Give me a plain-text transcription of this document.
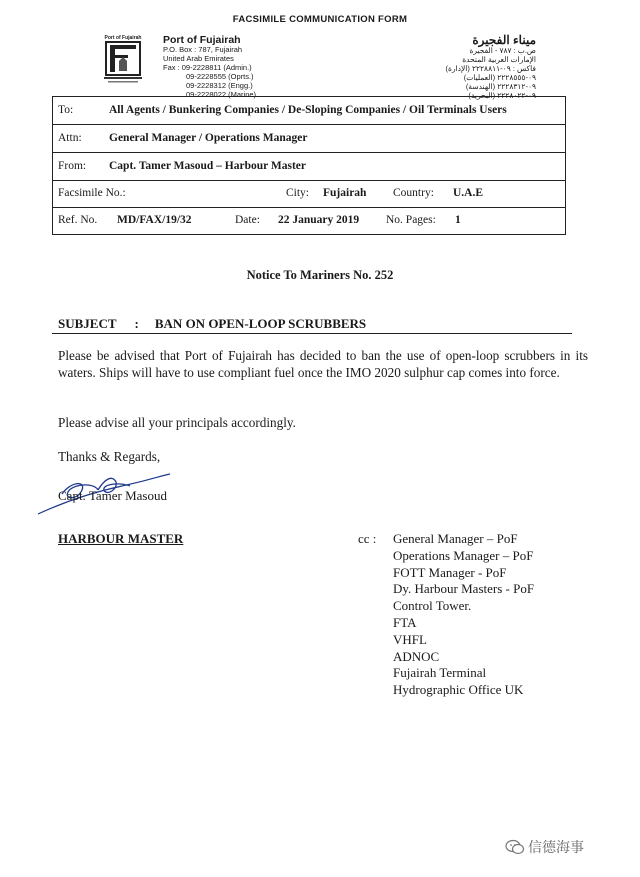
FACSIMILE COMMUNICATION FORM
Port of Fujairah Port of Fujairah
P.O. Box : 787, Fujairah
United Arab Emirates
Fax : 09-2228811 (Admin.)
09-2228555 (Oprts.)
09-2228312 (Engg.)
09-2228022 (Marine)
ميناء الفجيرة
ص.ب : ٧٨٧ - الفجيرة
الإمارات العربية المتحدة
فاكس : ٠٩-٢٢٢٨٨١١ (الإدارة)
٠٩-٢٢٢٨٥٥٥ (العمليات)
٠٩-٢٢٢٨٣١٢ (الهندسة)
٠٩-٢٢٢٨٠٢٢ (البحرية)
To:	All Agents / Bunkering Companies / De-Sloping Companies / Oil Terminals Users
Attn: General Manager / Operations Manager
From: Capt. Tamer Masoud – Harbour Master
Facsimile No.:	City: Fujairah Country: U.A.E
Ref. No. MD/FAX/19/32	Date: 22 January 2019 No. Pages: 1
Notice To Mariners No. 252
SUBJECT : BAN ON OPEN-LOOP SCRUBBERS
Please be advised that Port of Fujairah has decided to ban the use of open-loop scrubbers in its waters. Ships will have to use compliant fuel once the IMO 2020 sulphur cap comes into force.
Please advise all your principals accordingly.
Thanks & Regards,
Capt. Tamer Masoud
HARBOUR MASTER	cc : General Manager – PoF
Operations Manager – PoF
FOTT Manager - PoF
Dy. Harbour Masters - PoF
Control Tower.
FTA
VHFL
ADNOC
Fujairah Terminal
Hydrographic Office UK
信德海事
